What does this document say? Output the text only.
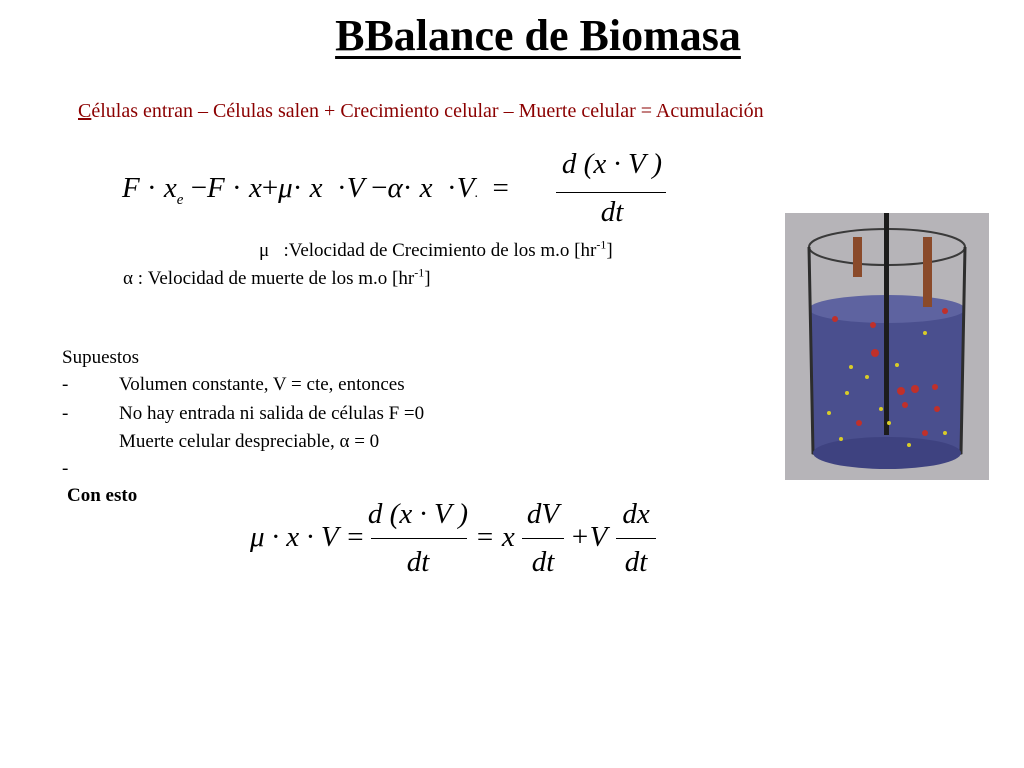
BBalance de Biomasa
Células entran – Células salen + Crecimiento celular – Muerte celular = Acumulación
$F \cdot x_e -F \cdot x+\mu\cdot x \cdot V -\alpha\cdot x \cdot V$. =
d (x · V )
dt
μ :Velocidad de Crecimiento de los m.o $[hr^{-1}]$
α : Velocidad de muerte de los m.o $[hr^{-1}]$
Supuestos
-	Volumen constante, V = cte, entonces
-	No hay entrada ni salida de células F =0
Muerte celular despreciable, α = 0
-
Con esto
μ · x · V =
d (x · V )
dt
= x
dV
dt
+V
dx
dt
